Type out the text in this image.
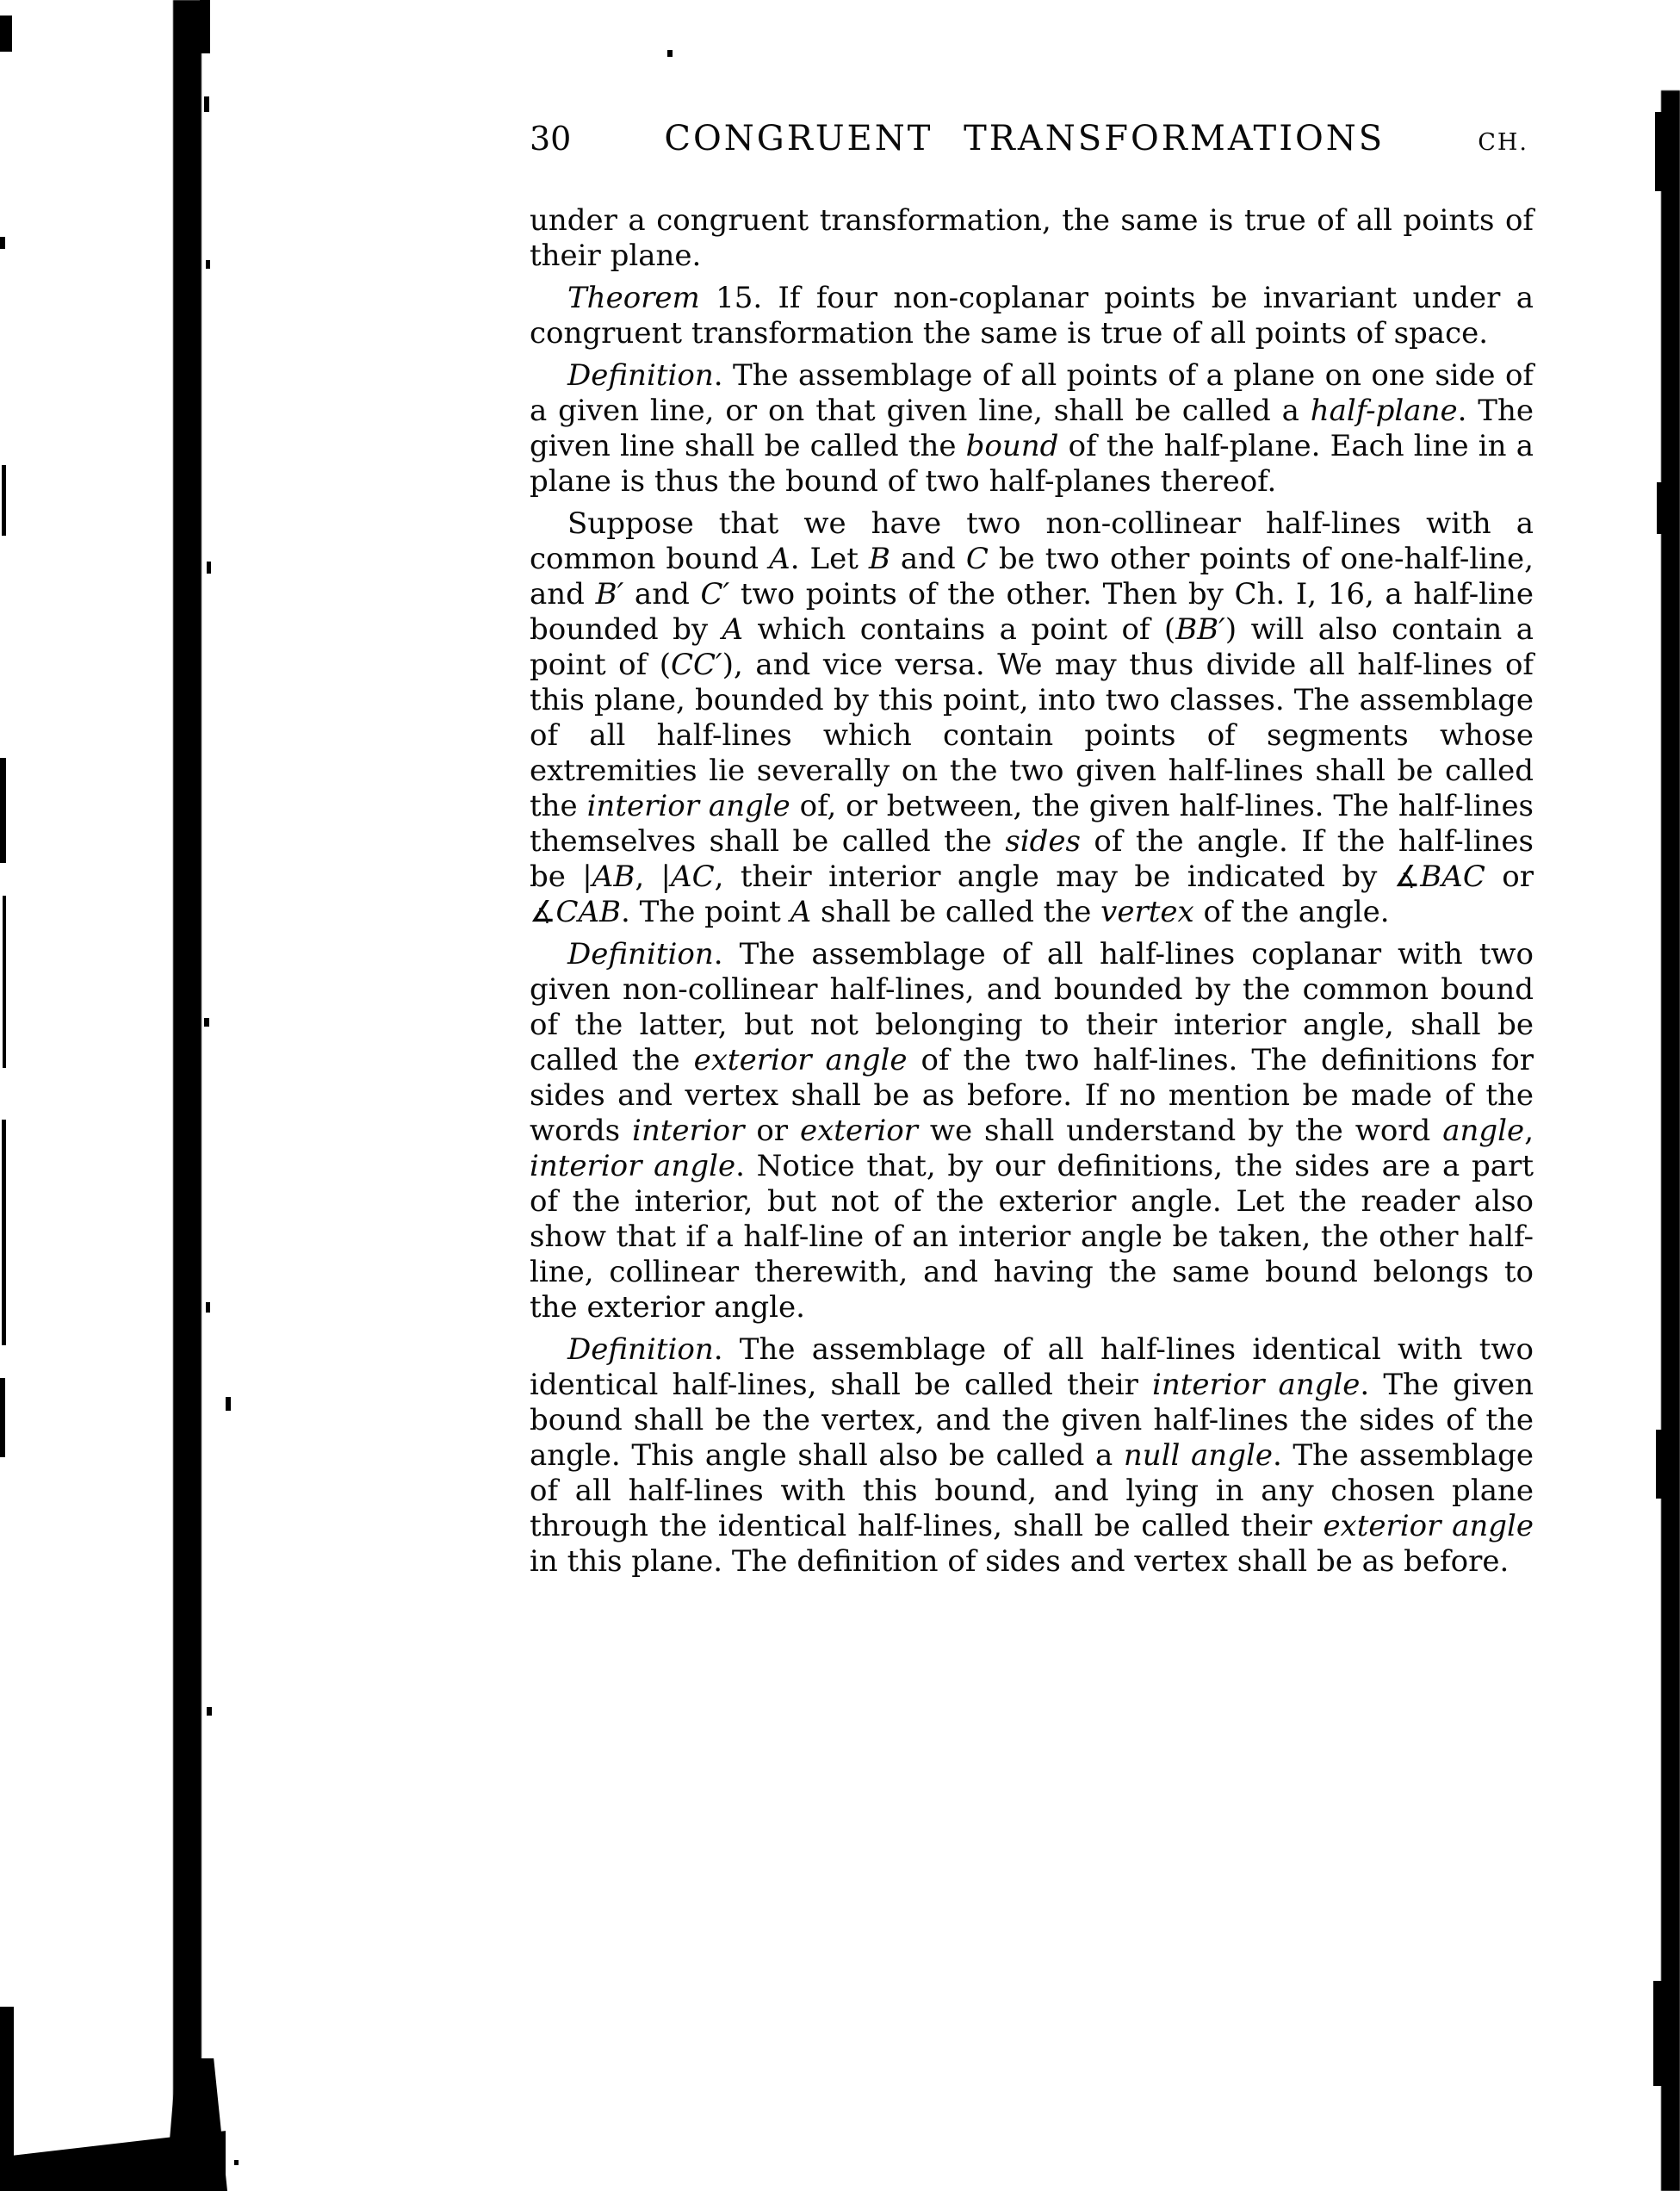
30	CONGRUENT TRANSFORMATIONS	CH.

under a congruent transformation, the same is true of all points of their plane.

Theorem 15. If four non-coplanar points be invariant under a congruent transformation the same is true of all points of space.

Definition. The assemblage of all points of a plane on one side of a given line, or on that given line, shall be called a half-plane. The given line shall be called the bound of the half-plane. Each line in a plane is thus the bound of two half-planes thereof.

Suppose that we have two non-collinear half-lines with a common bound A. Let B and C be two other points of one-half-line, and B′ and C′ two points of the other. Then by Ch. I, 16, a half-line bounded by A which contains a point of (BB′) will also contain a point of (CC′), and vice versa. We may thus divide all half-lines of this plane, bounded by this point, into two classes. The assemblage of all half-lines which contain points of segments whose extremities lie severally on the two given half-lines shall be called the interior angle of, or between, the given half-lines. The half-lines themselves shall be called the sides of the angle. If the half-lines be |AB, |AC, their interior angle may be indicated by ∡BAC or ∡CAB. The point A shall be called the vertex of the angle.

Definition. The assemblage of all half-lines coplanar with two given non-collinear half-lines, and bounded by the common bound of the latter, but not belonging to their interior angle, shall be called the exterior angle of the two half-lines. The definitions for sides and vertex shall be as before. If no mention be made of the words interior or exterior we shall understand by the word angle, interior angle. Notice that, by our definitions, the sides are a part of the interior, but not of the exterior angle. Let the reader also show that if a half-line of an interior angle be taken, the other half-line, collinear therewith, and having the same bound belongs to the exterior angle.

Definition. The assemblage of all half-lines identical with two identical half-lines, shall be called their interior angle. The given bound shall be the vertex, and the given half-lines the sides of the angle. This angle shall also be called a null angle. The assemblage of all half-lines with this bound, and lying in any chosen plane through the identical half-lines, shall be called their exterior angle in this plane. The definition of sides and vertex shall be as before.
